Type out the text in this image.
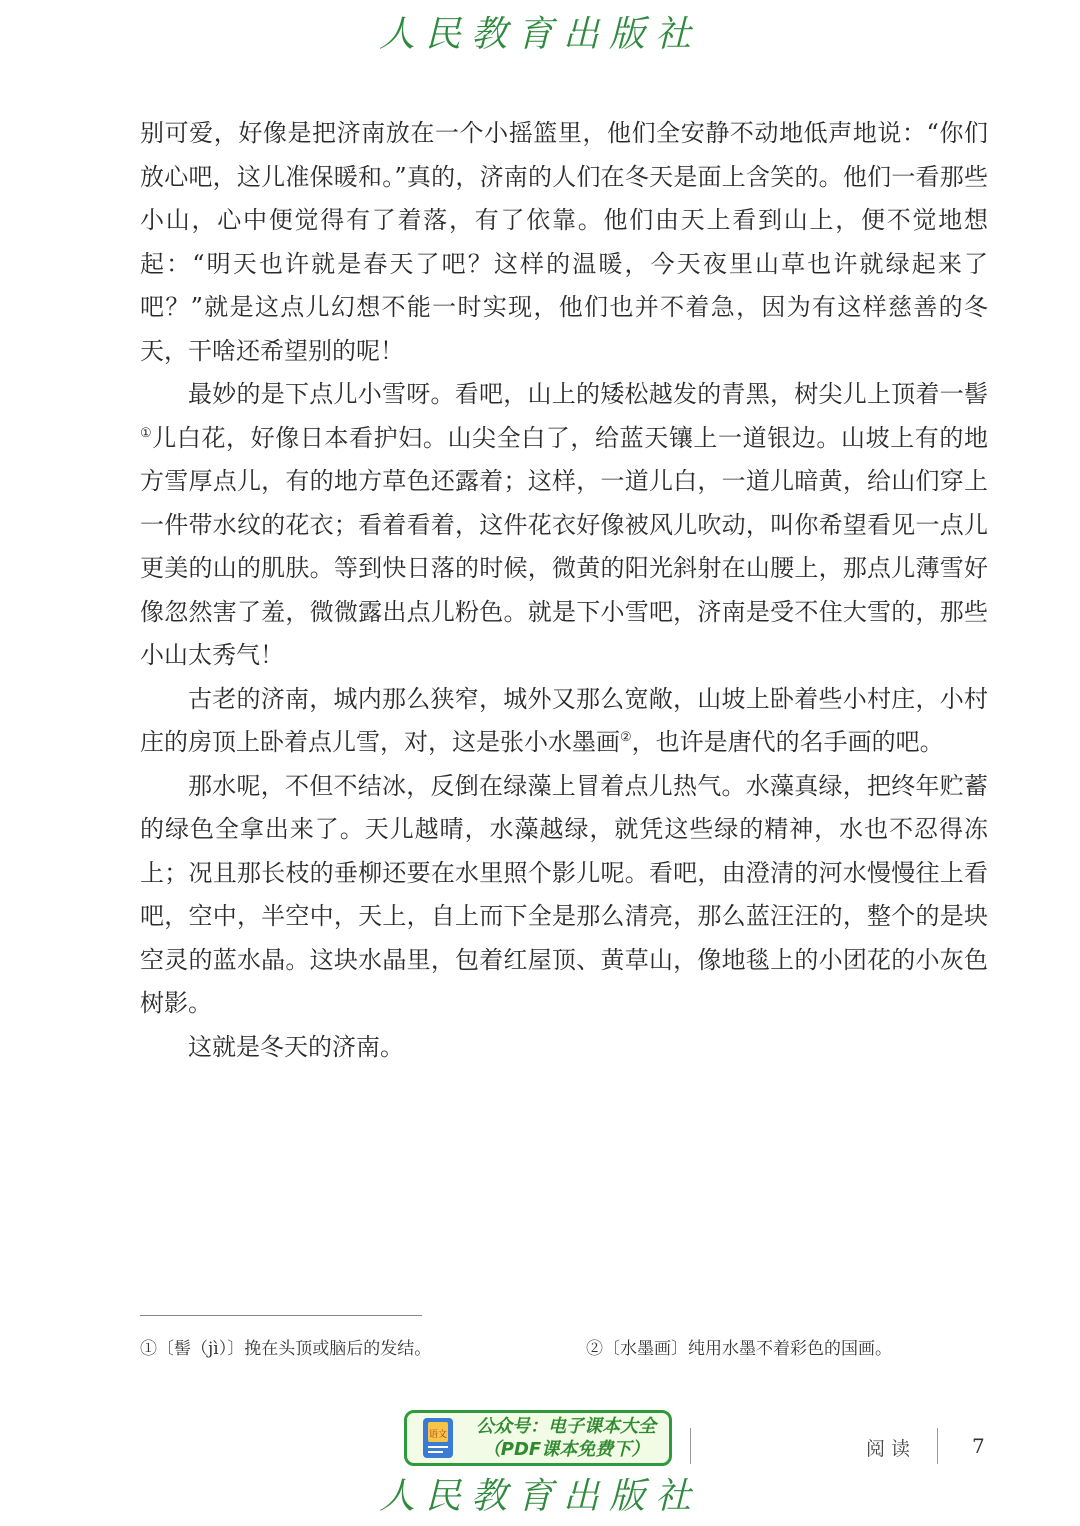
人民教育出版社

别可爱，好像是把济南放在一个小摇篮里，他们全安静不动地低声地说：“你们放心吧，这儿准保暖和。”真的，济南的人们在冬天是面上含笑的。他们一看那些小山，心中便觉得有了着落，有了依靠。他们由天上看到山上，便不觉地想起：“明天也许就是春天了吧？这样的温暖，今天夜里山草也许就绿起来了吧？”就是这点儿幻想不能一时实现，他们也并不着急，因为有这样慈善的冬天，干啥还希望别的呢！

最妙的是下点儿小雪呀。看吧，山上的矮松越发的青黑，树尖儿上顶着一髻①儿白花，好像日本看护妇。山尖全白了，给蓝天镶上一道银边。山坡上有的地方雪厚点儿，有的地方草色还露着；这样，一道儿白，一道儿暗黄，给山们穿上一件带水纹的花衣；看着看着，这件花衣好像被风儿吹动，叫你希望看见一点儿更美的山的肌肤。等到快日落的时候，微黄的阳光斜射在山腰上，那点儿薄雪好像忽然害了羞，微微露出点儿粉色。就是下小雪吧，济南是受不住大雪的，那些小山太秀气！

古老的济南，城内那么狭窄，城外又那么宽敞，山坡上卧着些小村庄，小村庄的房顶上卧着点儿雪，对，这是张小水墨画②，也许是唐代的名手画的吧。

那水呢，不但不结冰，反倒在绿藻上冒着点儿热气。水藻真绿，把终年贮蓄的绿色全拿出来了。天儿越晴，水藻越绿，就凭这些绿的精神，水也不忍得冻上；况且那长枝的垂柳还要在水里照个影儿呢。看吧，由澄清的河水慢慢往上看吧，空中，半空中，天上，自上而下全是那么清亮，那么蓝汪汪的，整个的是块空灵的蓝水晶。这块水晶里，包着红屋顶、黄草山，像地毯上的小团花的小灰色树影。

这就是冬天的济南。

①〔髻（jì）〕挽在头顶或脑后的发结。	②〔水墨画〕纯用水墨不着彩色的国画。
语文 公众号：电子课本大全
（PDF课本免费下）	阅读	7
人民教育出版社
